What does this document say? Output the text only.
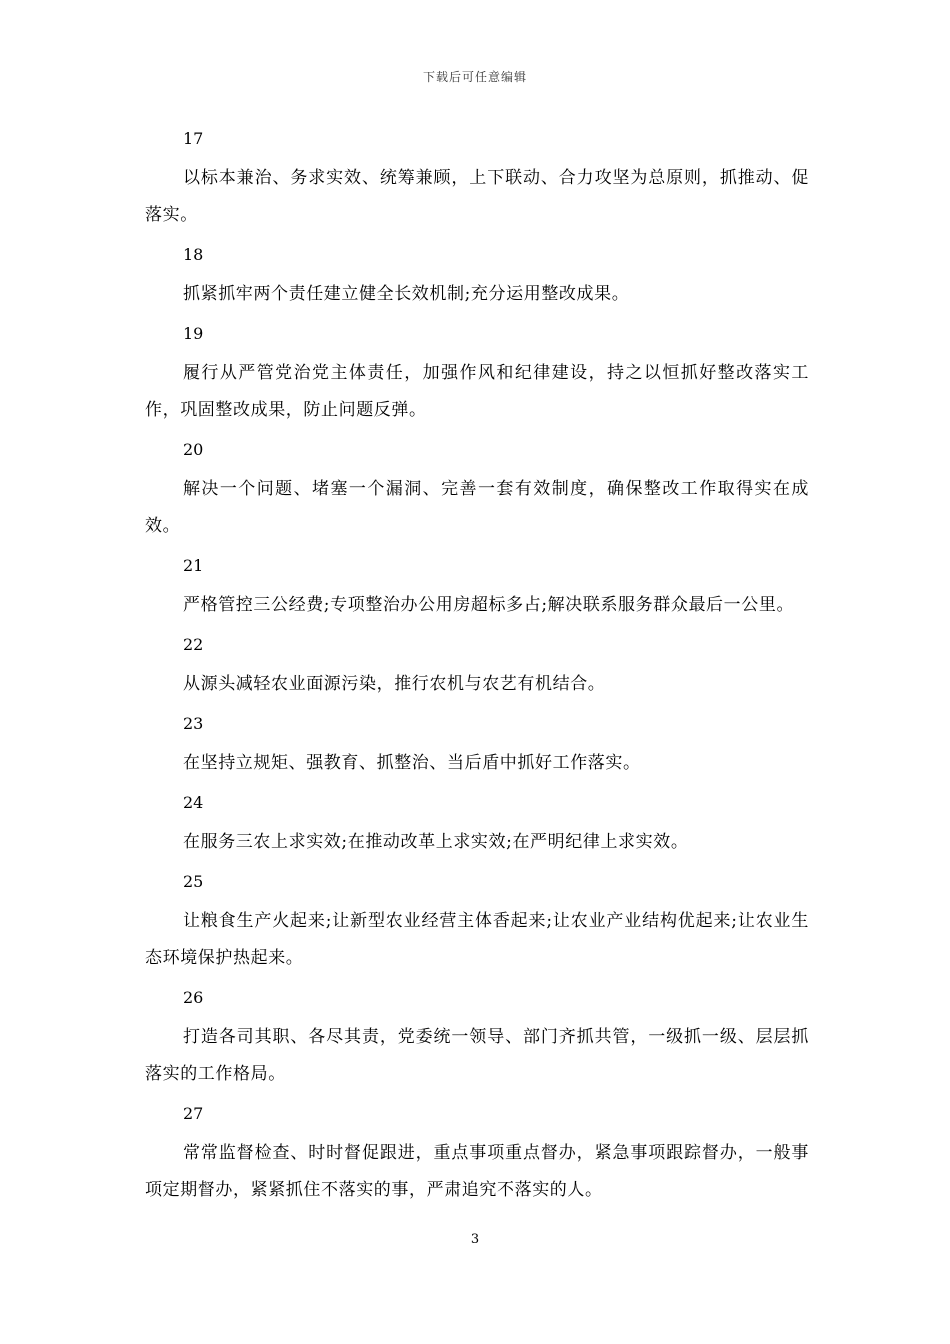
下载后可任意编辑
17
以标本兼治、务求实效、统筹兼顾，上下联动、合力攻坚为总原则，抓推动、促落实。
18
抓紧抓牢两个责任建立健全长效机制;充分运用整改成果。
19
履行从严管党治党主体责任，加强作风和纪律建设，持之以恒抓好整改落实工作，巩固整改成果，防止问题反弹。
20
解决一个问题、堵塞一个漏洞、完善一套有效制度，确保整改工作取得实在成效。
21
严格管控三公经费;专项整治办公用房超标多占;解决联系服务群众最后一公里。
22
从源头减轻农业面源污染，推行农机与农艺有机结合。
23
在坚持立规矩、强教育、抓整治、当后盾中抓好工作落实。
24
在服务三农上求实效;在推动改革上求实效;在严明纪律上求实效。
25
让粮食生产火起来;让新型农业经营主体香起来;让农业产业结构优起来;让农业生态环境保护热起来。
26
打造各司其职、各尽其责，党委统一领导、部门齐抓共管，一级抓一级、层层抓落实的工作格局。
27
常常监督检查、时时督促跟进，重点事项重点督办，紧急事项跟踪督办，一般事项定期督办，紧紧抓住不落实的事，严肃追究不落实的人。
3
